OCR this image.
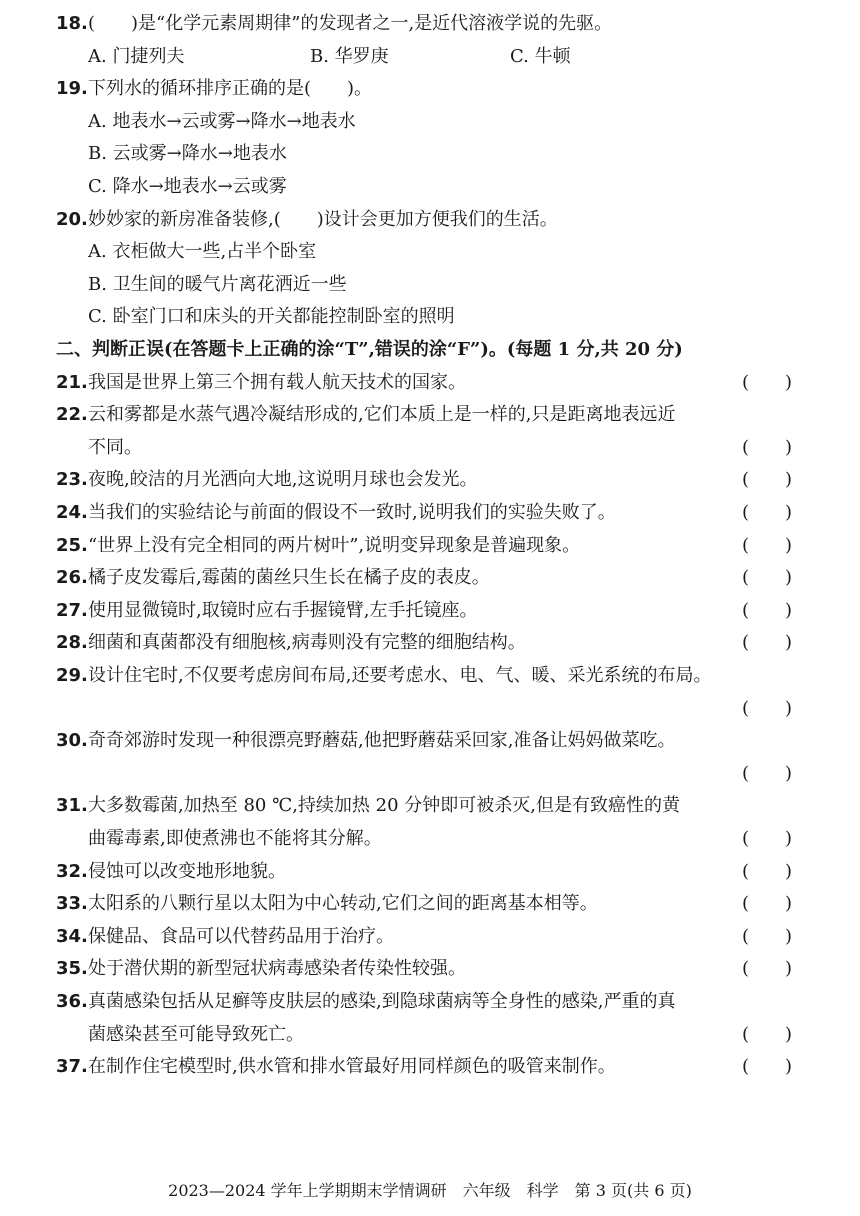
18. (　　)是“化学元素周期律”的发现者之一,是近代溶液学说的先驱。
A. 门捷列夫	B. 华罗庚	C. 牛顿
19. 下列水的循环排序正确的是(　　)。
A. 地表水→云或雾→降水→地表水
B. 云或雾→降水→地表水
C. 降水→地表水→云或雾
20. 妙妙家的新房准备装修,(　　)设计会更加方便我们的生活。
A. 衣柜做大一些,占半个卧室
B. 卫生间的暖气片离花洒近一些
C. 卧室门口和床头的开关都能控制卧室的照明
二、判断正误(在答题卡上正确的涂“T”,错误的涂“F”)。(每题 1 分,共 20 分)
21. 我国是世界上第三个拥有载人航天技术的国家。	(　　)
22. 云和雾都是水蒸气遇冷凝结形成的,它们本质上是一样的,只是距离地表远近
不同。	(　　)
23. 夜晚,皎洁的月光洒向大地,这说明月球也会发光。	(　　)
24. 当我们的实验结论与前面的假设不一致时,说明我们的实验失败了。	(　　)
25. “世界上没有完全相同的两片树叶”,说明变异现象是普遍现象。	(　　)
26. 橘子皮发霉后,霉菌的菌丝只生长在橘子皮的表皮。	(　　)
27. 使用显微镜时,取镜时应右手握镜臂,左手托镜座。	(　　)
28. 细菌和真菌都没有细胞核,病毒则没有完整的细胞结构。	(　　)
29. 设计住宅时,不仅要考虑房间布局,还要考虑水、电、气、暖、采光系统的布局。
(　　)
30. 奇奇郊游时发现一种很漂亮野蘑菇,他把野蘑菇采回家,准备让妈妈做菜吃。
(　　)
31. 大多数霉菌,加热至 80 ℃,持续加热 20 分钟即可被杀灭,但是有致癌性的黄
曲霉毒素,即使煮沸也不能将其分解。	(　　)
32. 侵蚀可以改变地形地貌。	(　　)
33. 太阳系的八颗行星以太阳为中心转动,它们之间的距离基本相等。	(　　)
34. 保健品、食品可以代替药品用于治疗。	(　　)
35. 处于潜伏期的新型冠状病毒感染者传染性较强。	(　　)
36. 真菌感染包括从足癣等皮肤层的感染,到隐球菌病等全身性的感染,严重的真
菌感染甚至可能导致死亡。	(　　)
37. 在制作住宅模型时,供水管和排水管最好用同样颜色的吸管来制作。	(　　)
2023—2024 学年上学期期末学情调研　六年级　科学　第 3 页(共 6 页)
